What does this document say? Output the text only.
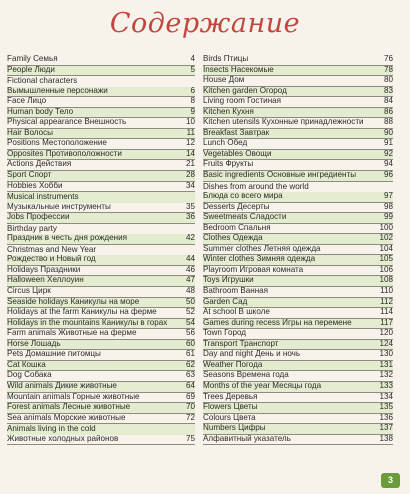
Содержание
Family Семья	4
People Люди	5
Fictional characters
Вымышленные персонажи	6
Face Лицо	8
Human body Тело	9
Physical appearance Внешность	10
Hair Волосы	11
Positions Местоположение	12
Opposites Противоположности	14
Actions Действия	21
Sport Спорт	28
Hobbies Хобби	34
Musical instruments
Музыкальные инструменты	35
Jobs Профессии	36
Birthday party
Праздник в честь дня рождения	42
Christmas and New Year
Рождество и Новый год	44
Holidays Праздники	46
Halloween Хеллоуин	47
Circus Цирк	48
Seaside holidays Каникулы на море	50
Holidays at the farm Каникулы на ферме	52
Holidays in the mountains Каникулы в горах	54
Farm animals Животные на ферме	56
Horse Лошадь	60
Pets Домашние питомцы	61
Cat Кошка	62
Dog Собака	63
Wild animals Дикие животные	64
Mountain animals Горные животные	69
Forest animals Лесные животные	70
Sea animals Морские животные	72
Animals living in the cold
Животные холодных районов	75
Birds Птицы	76
Insects Насекомые	78
House Дом	80
Kitchen garden Огород	83
Living room Гостиная	84
Kitchen Кухня	86
Kitchen utensils Кухонные принадлежности	88
Breakfast Завтрак	90
Lunch Обед	91
Vegetables Овощи	92
Fruits Фрукты	94
Basic ingredients Основные ингредиенты	96
Dishes from around the world
Блюда со всего мира	97
Desserts Десерты	98
Sweetmeats Сладости	99
Bedroom Спальня	100
Clothes Одежда	102
Summer clothes Летняя одежда	104
Winter clothes Зимняя одежда	105
Playroom Игровая комната	106
Toys Игрушки	108
Bathroom Ванная	110
Garden Сад	112
At school В школе	114
Games during recess Игры на перемене	117
Town Город	120
Transport Транспорт	124
Day and night День и ночь	130
Weather Погода	131
Seasons Времена года	132
Months of the year Месяцы года	133
Trees Деревья	134
Flowers Цветы	135
Colours Цвета	136
Numbers Цифры	137
Алфавитный указатель	138
3
